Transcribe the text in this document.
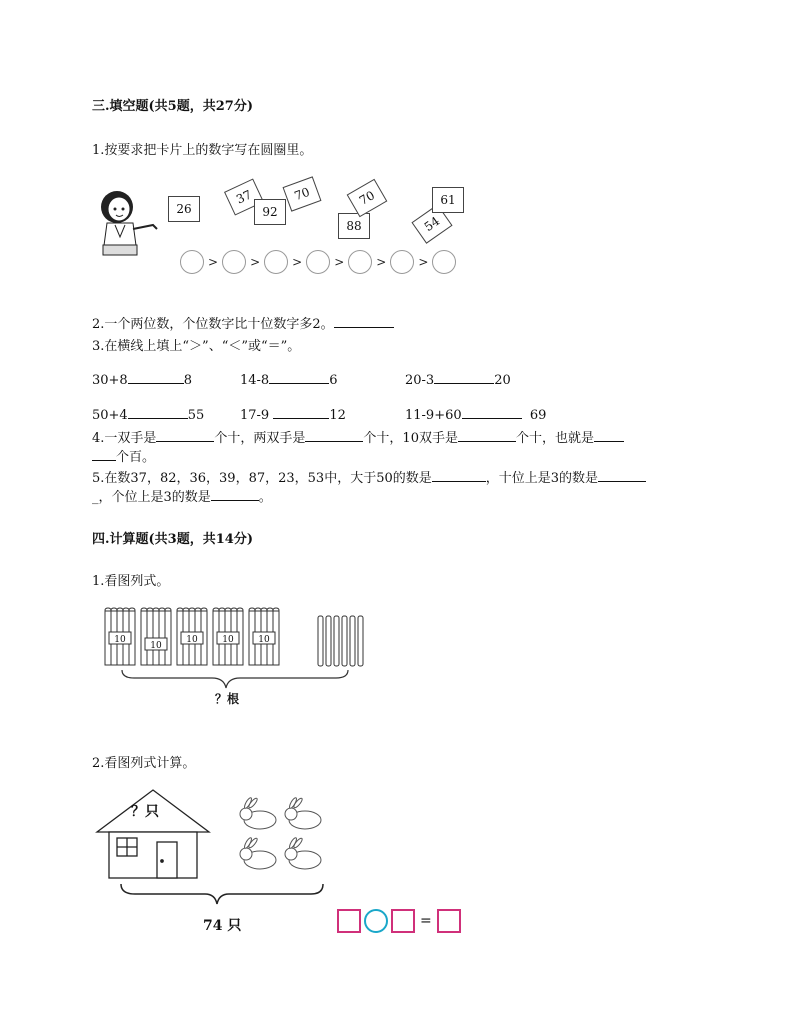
三.填空题(共5题，共27分)
1.按要求把卡片上的数字写在圆圈里。
26
37
92
70
88
70
54
61
>	>	>	>	>	>
2.一个两位数，个位数字比十位数字多2。
3.在横线上填上“＞”、“＜”或“＝”。
30+8	8	14-8	6	20-3	20
50+4	55	17-9	12	11-9+60	69
4.一双手是	个十，两双手是	个十，10双手是	个十，也就是
个百。
5.在数37，82，36，39，87，23，53中，大于50的数是	，十位上是3的数是
_，个位上是3的数是	。
四.计算题(共3题，共14分)
1.看图列式。
10
10
10	10	10
？根
2.看图列式计算。
？只
74 只	=
